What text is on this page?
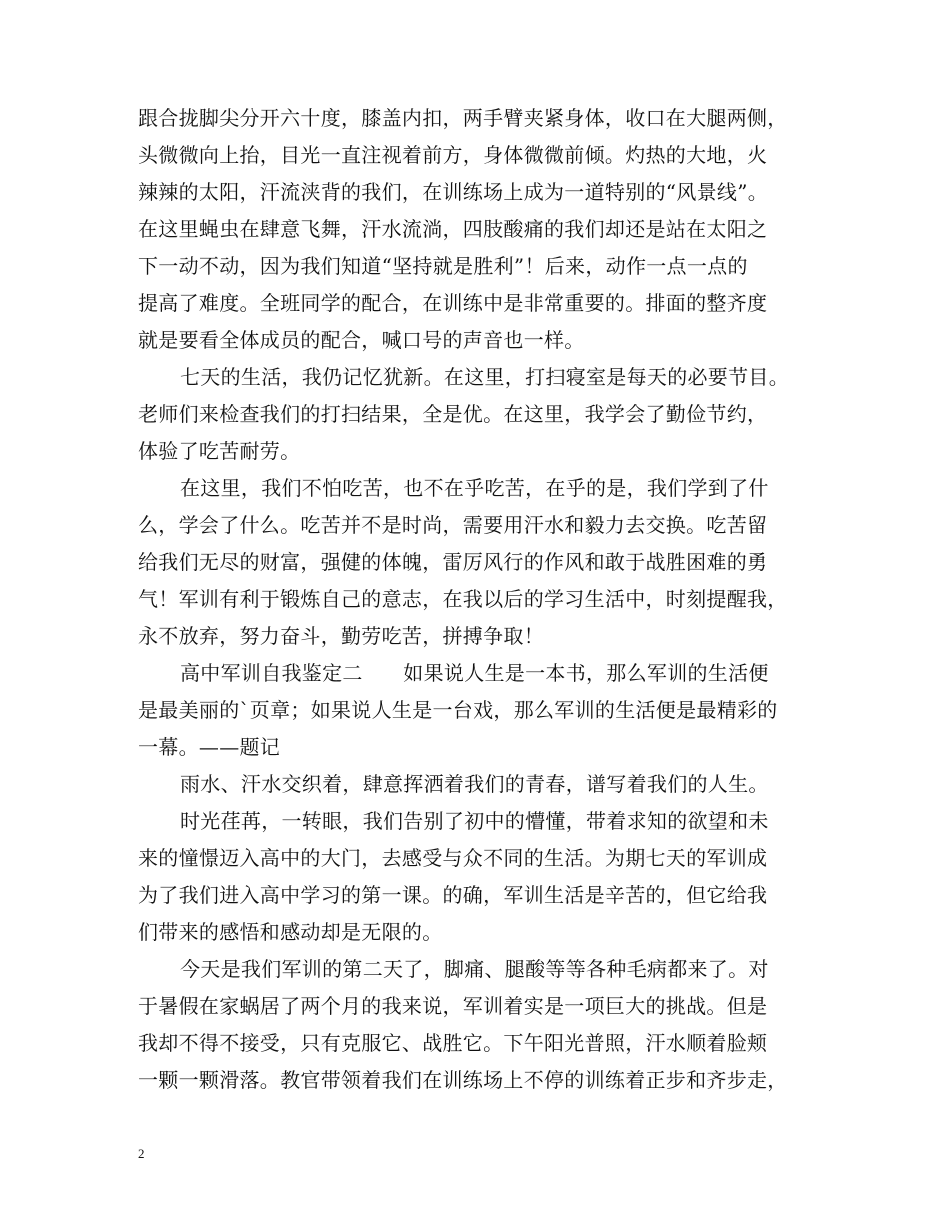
跟合拢脚尖分开六十度，膝盖内扣，两手臂夹紧身体，收口在大腿两侧，
头微微向上抬，目光一直注视着前方，身体微微前倾。灼热的大地，火
辣辣的太阳，汗流浃背的我们，在训练场上成为一道特别的“风景线”。
在这里蝇虫在肆意飞舞，汗水流淌，四肢酸痛的我们却还是站在太阳之
下一动不动，因为我们知道“坚持就是胜利”！后来，动作一点一点的
提高了难度。全班同学的配合，在训练中是非常重要的。排面的整齐度
就是要看全体成员的配合，喊口号的声音也一样。
七天的生活，我仍记忆犹新。在这里，打扫寝室是每天的必要节目。
老师们来检查我们的打扫结果，全是优。在这里，我学会了勤俭节约，
体验了吃苦耐劳。
在这里，我们不怕吃苦，也不在乎吃苦，在乎的是，我们学到了什
么，学会了什么。吃苦并不是时尚，需要用汗水和毅力去交换。吃苦留
给我们无尽的财富，强健的体魄，雷厉风行的作风和敢于战胜困难的勇
气！军训有利于锻炼自己的意志，在我以后的学习生活中，时刻提醒我，
永不放弃，努力奋斗，勤劳吃苦，拼搏争取！
高中军训自我鉴定二　　如果说人生是一本书，那么军训的生活便
是最美丽的`页章；如果说人生是一台戏，那么军训的生活便是最精彩的
一幕。——题记
雨水、汗水交织着，肆意挥洒着我们的青春，谱写着我们的人生。
时光荏苒，一转眼，我们告别了初中的懵懂，带着求知的欲望和未
来的憧憬迈入高中的大门，去感受与众不同的生活。为期七天的军训成
为了我们进入高中学习的第一课。的确，军训生活是辛苦的，但它给我
们带来的感悟和感动却是无限的。
今天是我们军训的第二天了，脚痛、腿酸等等各种毛病都来了。对
于暑假在家蜗居了两个月的我来说，军训着实是一项巨大的挑战。但是
我却不得不接受，只有克服它、战胜它。下午阳光普照，汗水顺着脸颊
一颗一颗滑落。教官带领着我们在训练场上不停的训练着正步和齐步走，
2
